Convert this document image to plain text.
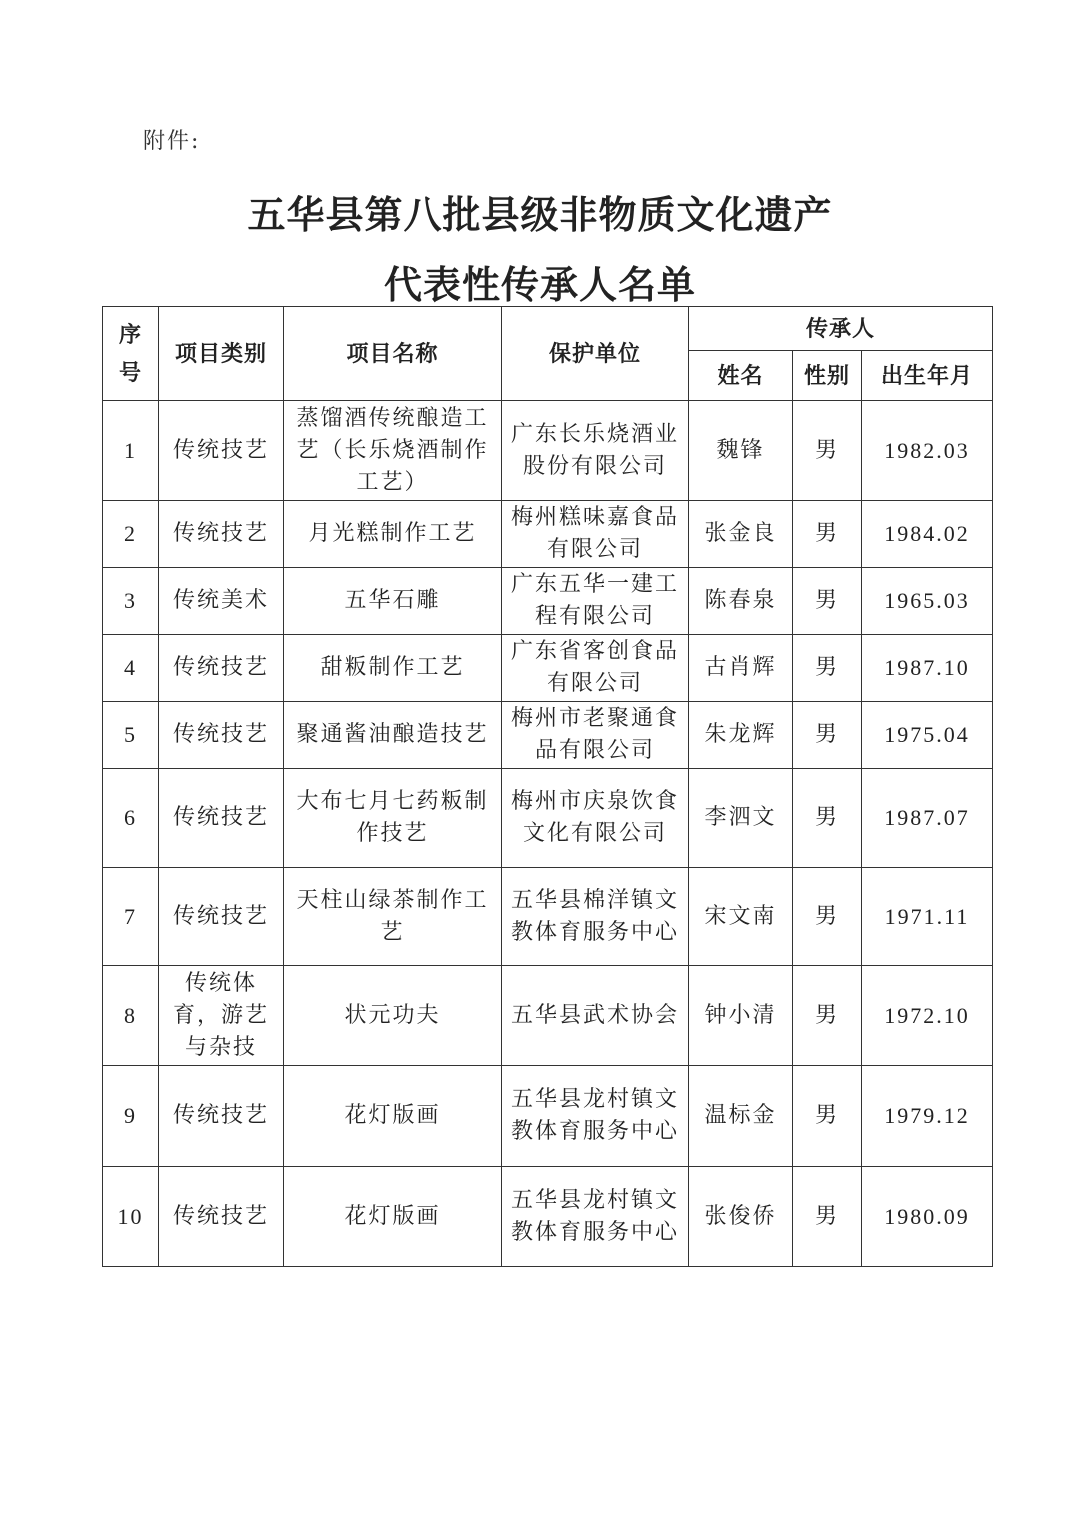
附件:
五华县第八批县级非物质文化遗产
代表性传承人名单
序号	项目类别	项目名称	保护单位	传承人		
				姓名	性别	出生年月
1	传统技艺	蒸馏酒传统酿造工艺（长乐烧酒制作工艺）	广东长乐烧酒业股份有限公司	魏锋	男	1982.03
2	传统技艺	月光糕制作工艺	梅州糕味嘉食品有限公司	张金良	男	1984.02
3	传统美术	五华石雕	广东五华一建工程有限公司	陈春泉	男	1965.03
4	传统技艺	甜粄制作工艺	广东省客创食品有限公司	古肖辉	男	1987.10
5	传统技艺	聚通酱油酿造技艺	梅州市老聚通食品有限公司	朱龙辉	男	1975.04
6	传统技艺	大布七月七药粄制作技艺	梅州市庆泉饮食文化有限公司	李泗文	男	1987.07
7	传统技艺	天柱山绿茶制作工艺	五华县棉洋镇文教体育服务中心	宋文南	男	1971.11
8	传统体育，游艺与杂技	状元功夫	五华县武术协会	钟小清	男	1972.10
9	传统技艺	花灯版画	五华县龙村镇文教体育服务中心	温标金	男	1979.12
10	传统技艺	花灯版画	五华县龙村镇文教体育服务中心	张俊侨	男	1980.09
